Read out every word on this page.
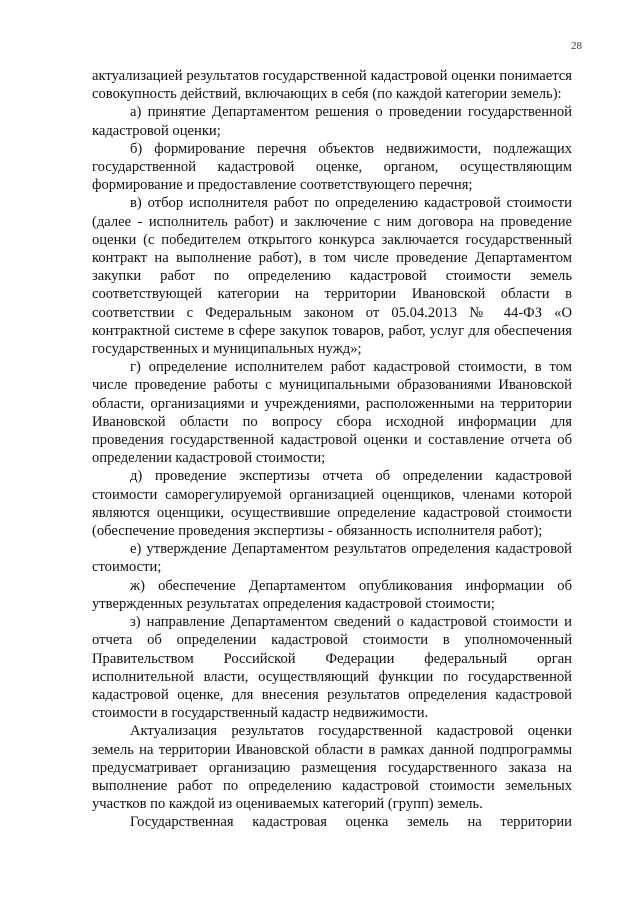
28

актуализацией результатов государственной кадастровой оценки понимается совокупность действий, включающих в себя (по каждой категории земель):

а) принятие Департаментом решения о проведении государственной кадастровой оценки;

б) формирование перечня объектов недвижимости, подлежащих государственной кадастровой оценке, органом, осуществляющим формирование и предоставление соответствующего перечня;

в) отбор исполнителя работ по определению кадастровой стоимости (далее - исполнитель работ) и заключение с ним договора на проведение оценки (с победителем открытого конкурса заключается государственный контракт на выполнение работ), в том числе проведение Департаментом закупки работ по определению кадастровой стоимости земель соответствующей категории на территории Ивановской области в соответствии с Федеральным законом от 05.04.2013 № 44-ФЗ «О контрактной системе в сфере закупок товаров, работ, услуг для обеспечения государственных и муниципальных нужд»;

г) определение исполнителем работ кадастровой стоимости, в том числе проведение работы с муниципальными образованиями Ивановской области, организациями и учреждениями, расположенными на территории Ивановской области по вопросу сбора исходной информации для проведения государственной кадастровой оценки и составление отчета об определении кадастровой стоимости;

д) проведение экспертизы отчета об определении кадастровой стоимости саморегулируемой организацией оценщиков, членами которой являются оценщики, осуществившие определение кадастровой стоимости (обеспечение проведения экспертизы - обязанность исполнителя работ);

е) утверждение Департаментом результатов определения кадастровой стоимости;

ж) обеспечение Департаментом опубликования информации об утвержденных результатах определения кадастровой стоимости;

з) направление Департаментом сведений о кадастровой стоимости и отчета об определении кадастровой стоимости в уполномоченный Правительством Российской Федерации федеральный орган исполнительной власти, осуществляющий функции по государственной кадастровой оценке, для внесения результатов определения кадастровой стоимости в государственный кадастр недвижимости.

Актуализация результатов государственной кадастровой оценки земель на территории Ивановской области в рамках данной подпрограммы предусматривает организацию размещения государственного заказа на выполнение работ по определению кадастровой стоимости земельных участков по каждой из оцениваемых категорий (групп) земель.

Государственная кадастровая оценка земель на территории
